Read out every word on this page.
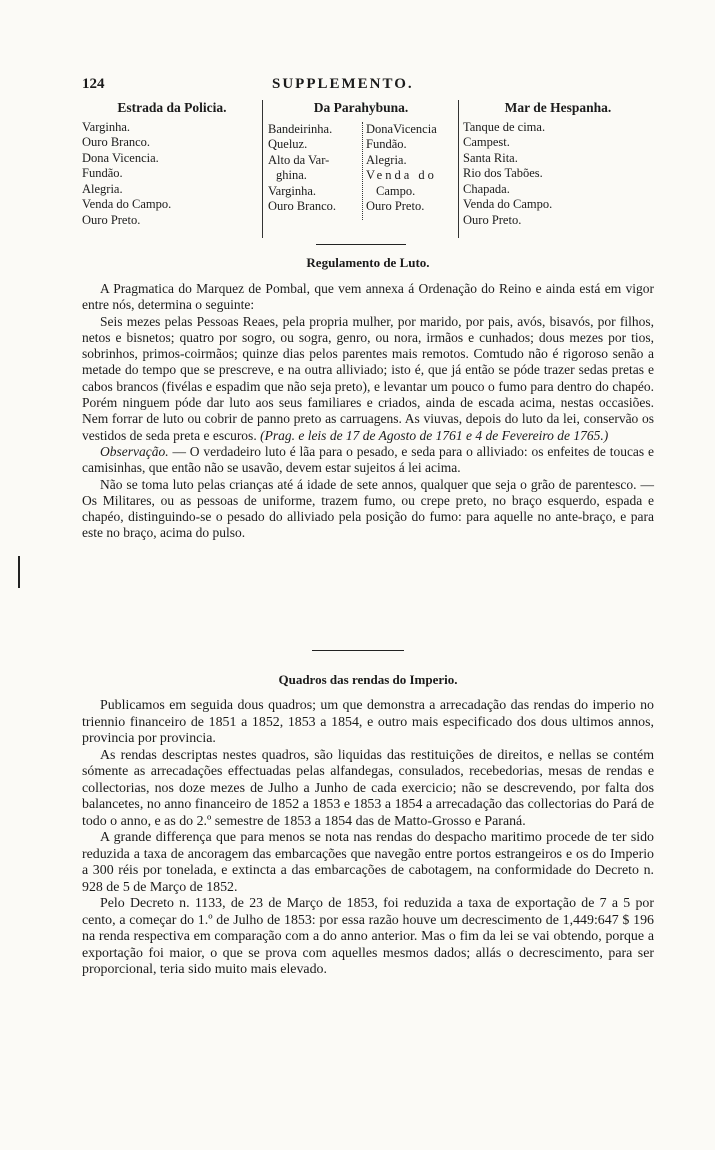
124	SUPPLEMENTO.
Estrada da Policia.
Varginha.
Ouro Branco.
Dona Vicencia.
Fundão.
Alegria.
Venda do Campo.
Ouro Preto.
Da Parahybuna.
Bandeirinha.
Queluz.
Alto da Var-
ghina.
Varginha.
Ouro Branco.
DonaVicencia
Fundão.
Alegria.
Venda do
Campo.
Ouro Preto.
Mar de Hespanha.
Tanque de cima.
Campest.
Santa Rita.
Rio dos Tabões.
Chapada.
Venda do Campo.
Ouro Preto.
Regulamento de Luto.

A Pragmatica do Marquez de Pombal, que vem annexa á Ordenação do Reino e ainda está em vigor entre nós, determina o seguinte:

Seis mezes pelas Pessoas Reaes, pela propria mulher, por marido, por pais, avós, bisavós, por filhos, netos e bisnetos; quatro por sogro, ou sogra, genro, ou nora, irmãos e cunhados; dous mezes por tios, sobrinhos, primos-coirmãos; quinze dias pelos parentes mais remotos. Comtudo não é rigoroso senão a metade do tempo que se prescreve, e na outra alliviado; isto é, que já então se póde trazer sedas pretas e cabos brancos (fivélas e espadim que não seja preto), e levantar um pouco o fumo para dentro do chapéo. Porém ninguem póde dar luto aos seus familiares e criados, ainda de escada acima, nestas occasiões. Nem forrar de luto ou cobrir de panno preto as carruagens. As viuvas, depois do luto da lei, conservão os vestidos de seda preta e escuros. (Prag. e leis de 17 de Agosto de 1761 e 4 de Fevereiro de 1765.)

Observação. — O verdadeiro luto é lãa para o pesado, e seda para o alliviado: os enfeites de toucas e camisinhas, que então não se usavão, devem estar sujeitos á lei acima.

Não se toma luto pelas crianças até á idade de sete annos, qualquer que seja o grão de parentesco. — Os Militares, ou as pessoas de uniforme, trazem fumo, ou crepe preto, no braço esquerdo, espada e chapéo, distinguindo-se o pesado do alliviado pela posição do fumo: para aquelle no ante-braço, e para este no braço, acima do pulso.

Quadros das rendas do Imperio.

Publicamos em seguida dous quadros; um que demonstra a arrecadação das rendas do imperio no triennio financeiro de 1851 a 1852, 1853 a 1854, e outro mais especificado dos dous ultimos annos, provincia por provincia.

As rendas descriptas nestes quadros, são liquidas das restituições de direitos, e nellas se contém sómente as arrecadações effectuadas pelas alfandegas, consulados, recebedorias, mesas de rendas e collectorias, nos doze mezes de Julho a Junho de cada exercicio; não se descrevendo, por falta dos balancetes, no anno financeiro de 1852 a 1853 e 1853 a 1854 a arrecadação das collectorias do Pará de todo o anno, e as do 2.º semestre de 1853 a 1854 das de Matto-Grosso e Paraná.

A grande differença que para menos se nota nas rendas do despacho maritimo procede de ter sido reduzida a taxa de ancoragem das embarcações que navegão entre portos estrangeiros e os do Imperio a 300 réis por tonelada, e extincta a das embarcações de cabotagem, na conformidade do Decreto n. 928 de 5 de Março de 1852.

Pelo Decreto n. 1133, de 23 de Março de 1853, foi reduzida a taxa de exportação de 7 a 5 por cento, a começar do 1.º de Julho de 1853: por essa razão houve um decrescimento de 1,449:647 $ 196 na renda respectiva em comparação com a do anno anterior. Mas o fim da lei se vai obtendo, porque a exportação foi maior, o que se prova com aquelles mesmos dados; allás o decrescimento, para ser proporcional, teria sido muito mais elevado.
